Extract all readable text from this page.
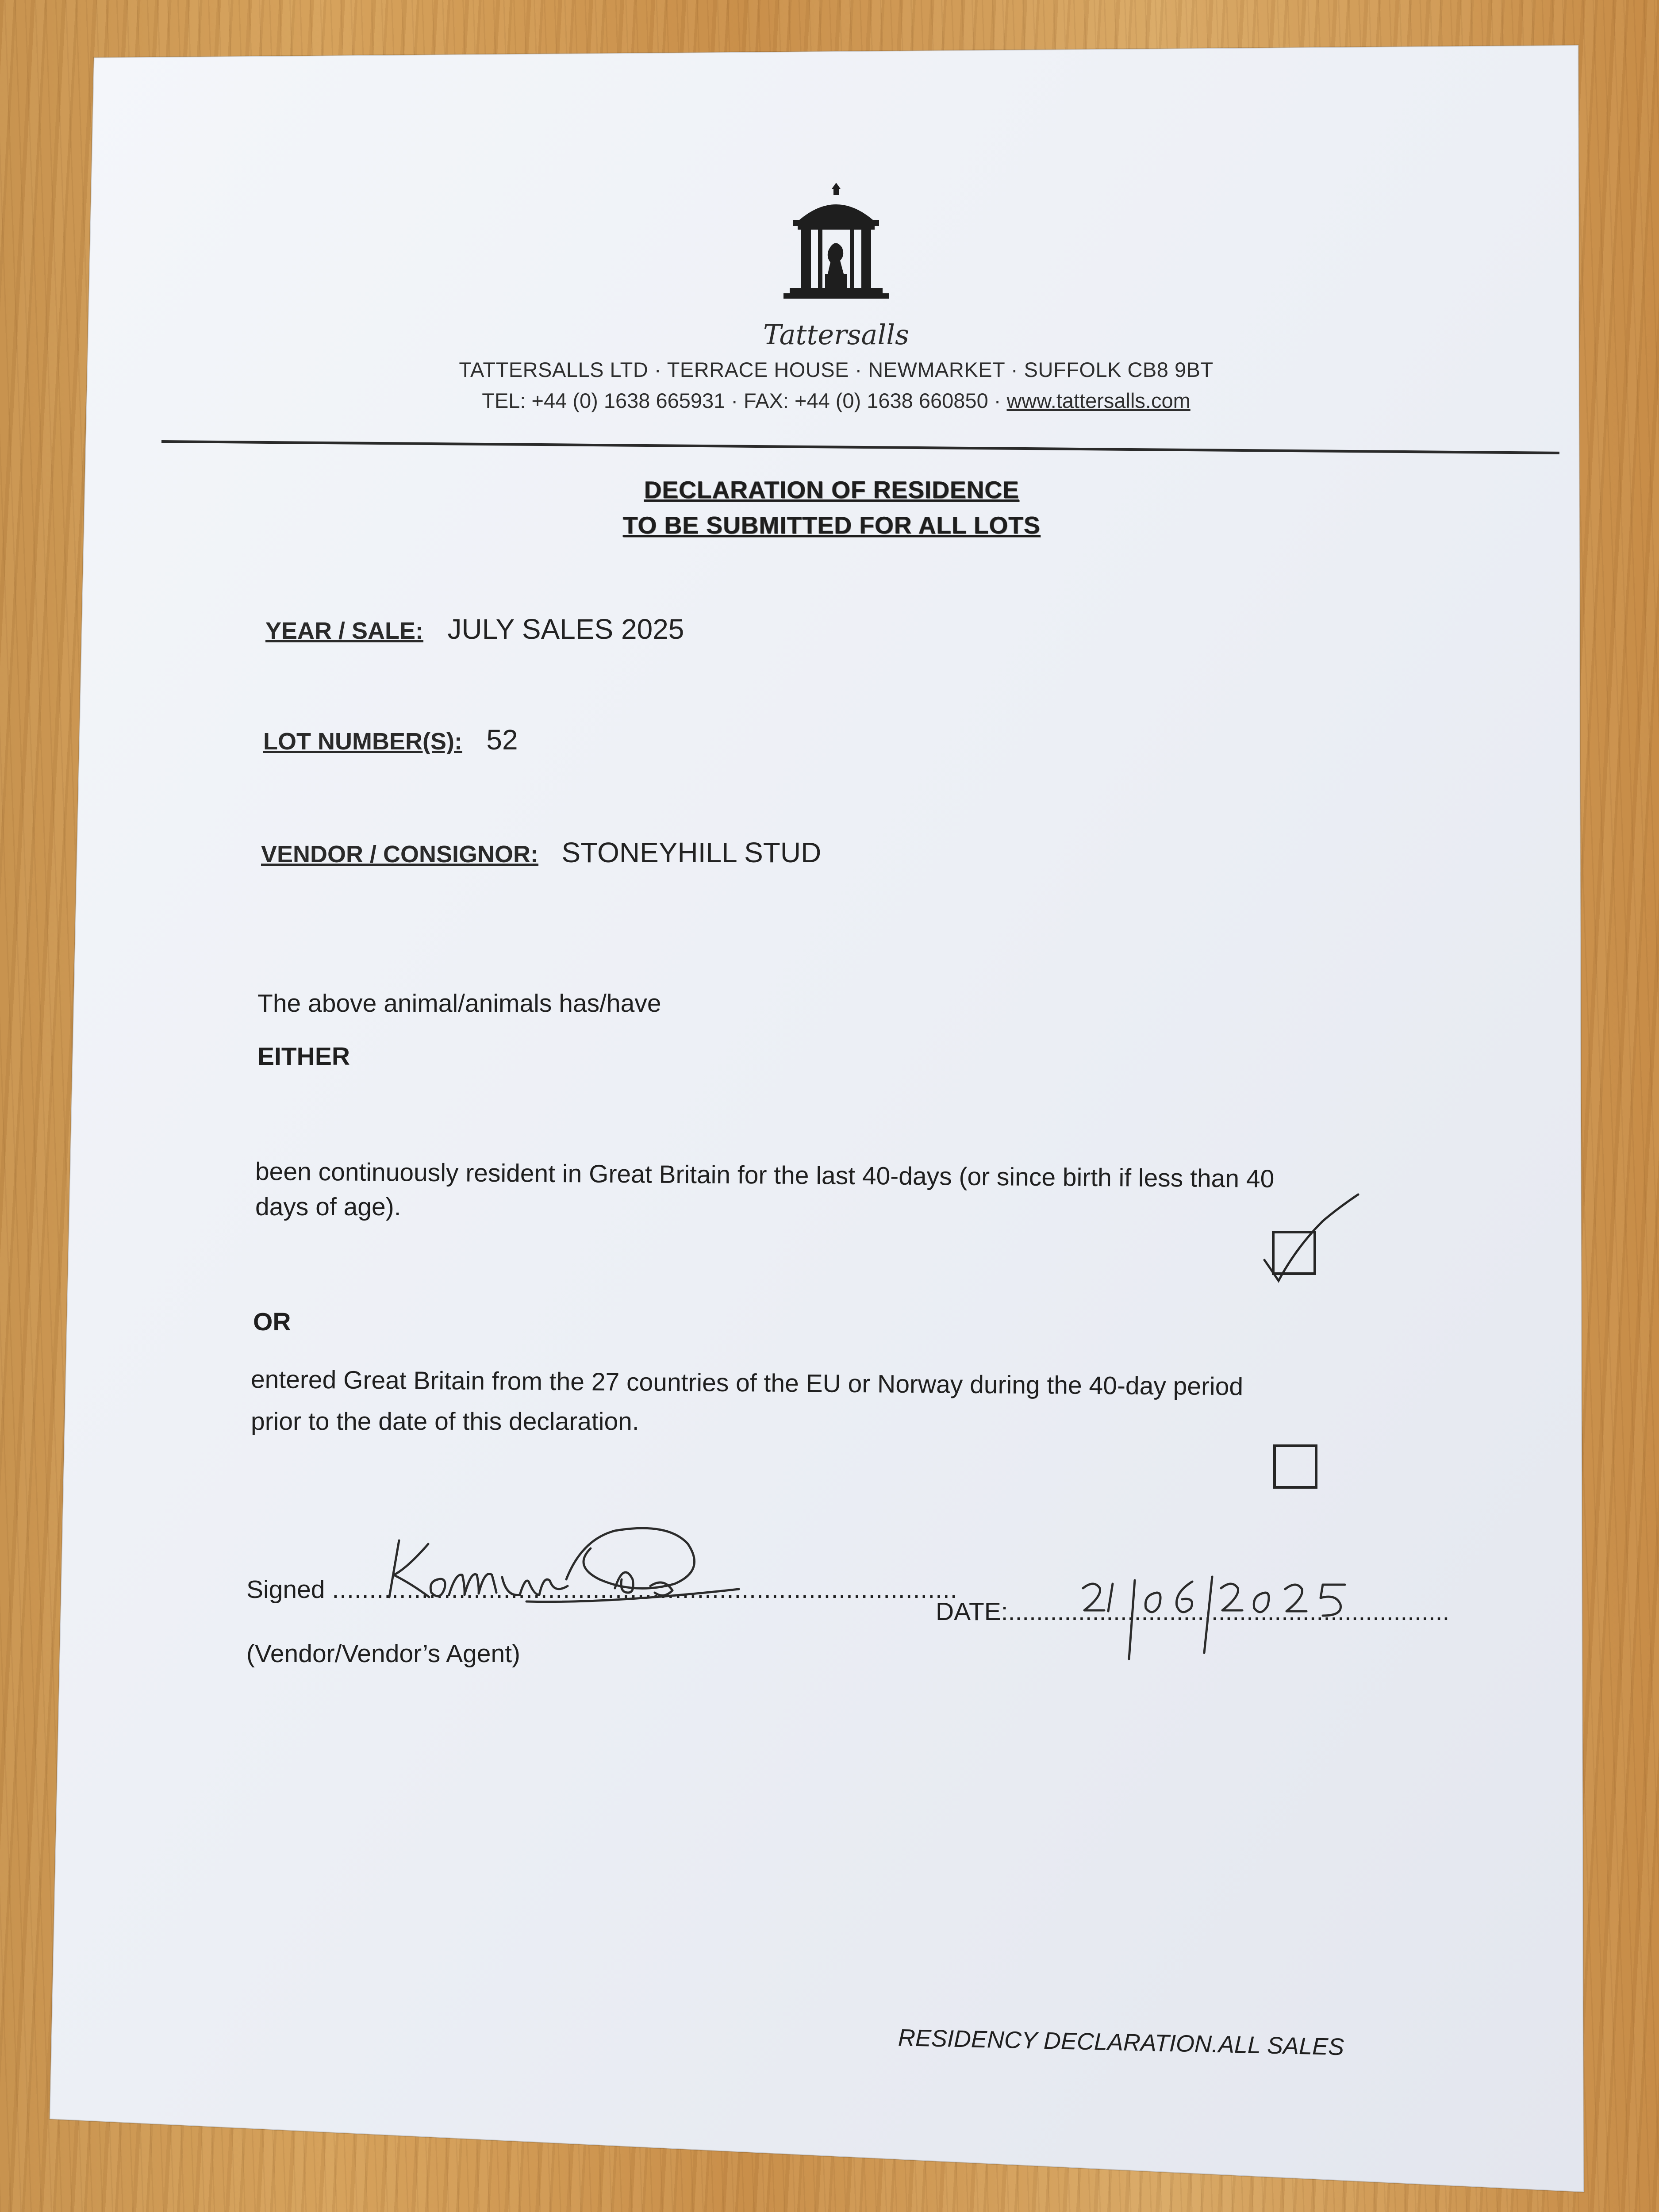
Tattersalls
TATTERSALLS LTD · TERRACE HOUSE · NEWMARKET · SUFFOLK CB8 9BT
TEL: +44 (0) 1638 665931 · FAX: +44 (0) 1638 660850 · www.tattersalls.com
DECLARATION OF RESIDENCE
TO BE SUBMITTED FOR ALL LOTS
YEAR / SALE: JULY SALES 2025
LOT NUMBER(S): 52
VENDOR / CONSIGNOR: STONEYHILL STUD
The above animal/animals has/have
EITHER
been continuously resident in Great Britain for the last 40-days (or since birth if less than 40
days of age).
OR
entered Great Britain from the 27 countries of the EU or Norway during the 40-day period
prior to the date of this declaration.
Signed ....................................................................................
(Vendor/Vendor’s Agent)
DATE:...............................................................
RESIDENCY DECLARATION.ALL SALES
